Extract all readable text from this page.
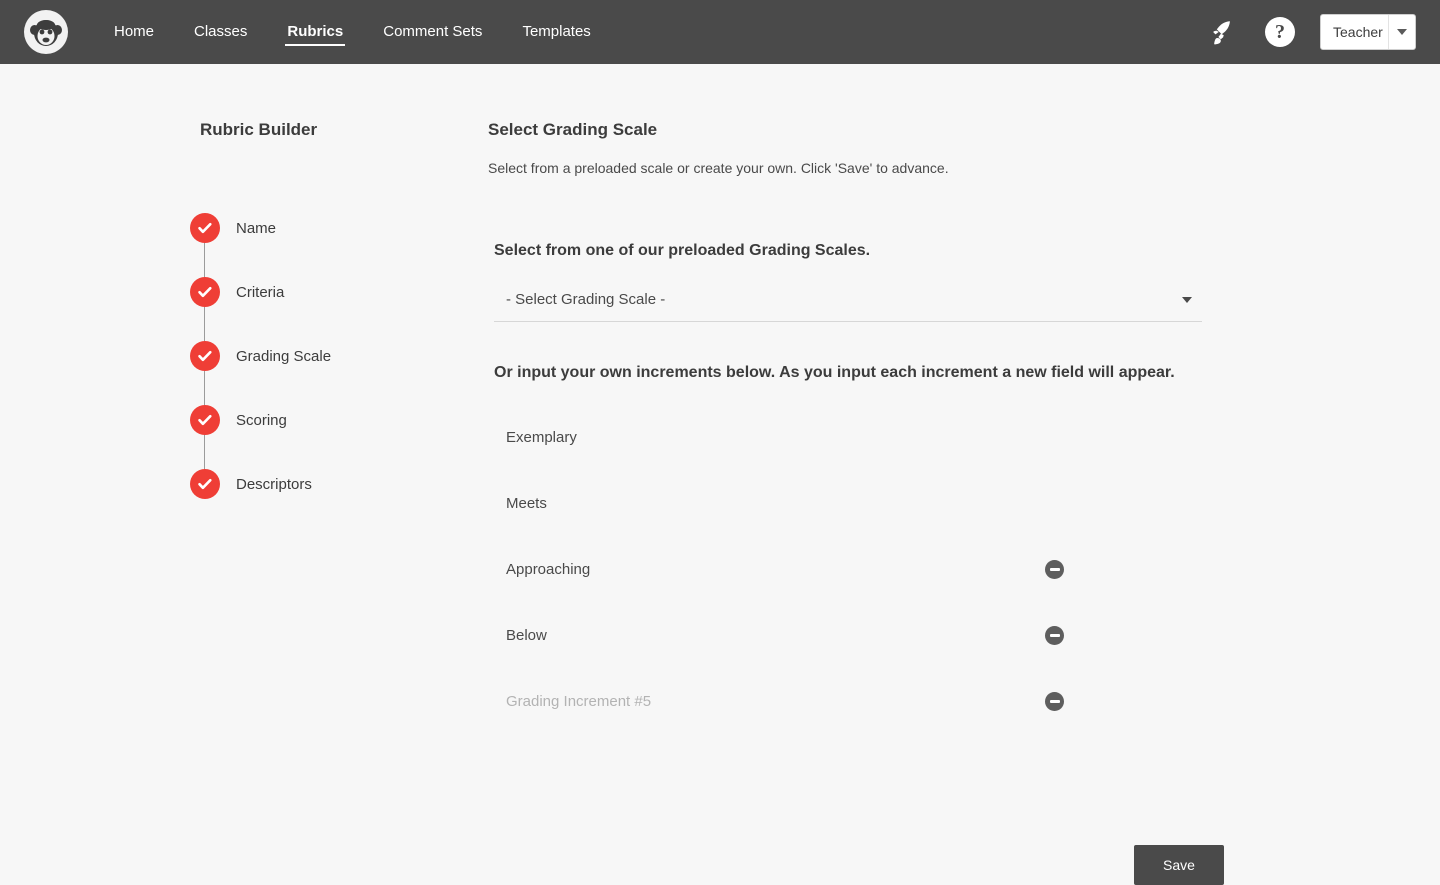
Home	Classes	Rubrics	Comment Sets	Templates	?	Teacher
Rubric Builder
Name
Criteria
Grading Scale
Scoring
Descriptors
Select Grading Scale

Select from a preloaded scale or create your own. Click 'Save' to advance.

Select from one of our preloaded Grading Scales.
- Select Grading Scale -
Or input your own increments below. As you input each increment a new field will appear.
Exemplary
Meets
Approaching
Below
Grading Increment #5
Save
